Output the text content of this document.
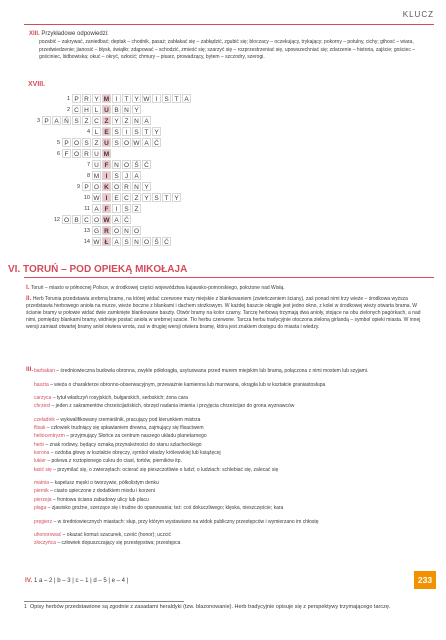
KLUCZ
XIII. Przykładowe odpowiedzi:
pozabić – zakrywać, zaniedbać; deptak – chodnik, pasaż; zabłakać się – zabłądzić, zgubić się; bloczacy – oczekujący, trykający; pokorny – potulny, cichy; gthosć – wiara, przedwiedzenie; jianosić – błysk, świątło; zdąpować – schodzić, zmieść się; szarzyć się – rozprzestrzeniać się, upowszechniać się; zdarzenie – historia, zajście; gościec – gościniec, lśdbowiska; okuć – okryć, ozłocić; chmury – pisarz, prowadzący, bytem – szczodry, szerogi.
XVIII.
1 P R Y M I	T Y W I	S T A
2 C H L U B N Y
3 P A Ń S Z C Z Y Z N A
4 L E S	I	S T Y
5 P O S Z U S O W A Ć
6 F O R U M
7 U F N O Ś Ć
8 M I	S J A
9 P O K O R N Y
10 W I	E C Z Y S T Y
11 A F	I	S Z
12 O B C O W A Ć
13 G R O N O
14 W Ł A S N O Ś Ć
VI. TORUŃ – POD OPIEKĄ MIKOŁAJA
I. Toruń – miasto w północnej Polsce, w środkowej części województwa kujawsko-pomorskiego, położone nad Wisłą.
II. Herb Torunia przedstawia srebrną bramę, na której widać czerwone mury miejskie z blankowaniem (zwieńczeniem ściany), zaś ponad nimi trzy wieże – środkowa wyższa przedstawia herbowego anioła na murze, wieże boczne z blankami i dachem stożkowym. W każdej baszcie okrągłe jest jedno okno, z kolei w środkowej wieży otwarta brama. W ścianie bramy w połowie widać dwie zamknięte blankowane baszty. Otwór bramy na kolor czarny. Tarczę herbową trzymają dwa anioły, stojące na obu zielonych pagórkach, a nad nimi, pomiędzy blankami bramy, widnieje postać anioła w srebrnej szacie. Tło herbu czerwone. Tarcza herbu tradycyjnie otoczona zieloną girlandą – symbol opieki miasta. W innej wersji zamiast otwartej bramy anioł otwiera wrota, zaś w drugiej wersji otwiera bramę, która jest znakiem dostępu do miasta i wiedzy.
III. barbakan – średniowieczna budowla obronna, zwykle półokrągła, usytuowana przed murem miejskim lub bramą, połączona z nimi mostem lub szyjami.
baszta – wieża o charakterze obronno-obserwacyjnym, przeważnie kamienna lub murowana, okrągła lub w kształcie graniastosłupa
carzyca – tytuł władczyń rosyjskich, bułgarskich, serbskich; żona cara
chrzest – jeden z sakramentów chrześcijańskich, obrzęd nadania imienia i przyjęcia chrześcijan do grona wyznawców
czeladnik – wykwalifikowany rzemieślnik, pracujący pod kierunkiem mistrza
flisak – człowiek trudniący się spławianiem drewna, zajmujący się flisactwem
heliocentryzm – przyjmujący Słońce za centrum naszego układu planetarnego
herb – znak rodowy, będący oznaką przynależności do stanu szlacheckiego
korona – ozdoba głowy w kształcie obręczy, symbol władzy królewskiej lub książęcej
lukier – polewa z roztopionego cukru do ciast, tortów, pierników itp.
łasić się – przymilać się, o zwierzętach: ocierać się pieszczotliwie o ludzi; o ludziach: schlebiać się, zalecać się
matnia – kapelusz męski o tworzywie, półkolistym denku
piernik – ciasto upieczone z dodatkiem miodu i korzeni
pierzeja – frontowa ściana zabudowy ulicy lub placu
plaga – zjawisko groźne, szerzące się i trudne do opanowania; też: coś dokuczliwego; klęska, nieszczęście; kara
pręgierz – w średniowiecznych miastach: słup, przy którym wystawiano na widok publiczny przestępców i wymierzano im chłostę
uhonorować – okazać komuś szacunek, cześć (honor); uczcić
złoczyńca – człowiek dopuszczający się przestępstwa; przestępca
IV. 1 a – 2 | b – 3 | c – 1 | d – 5 | e – 4 |
1 Opisy herbów przedstawione są zgodnie z zasadami heraldyki (tzw. blazonowanie). Herb tradycyjnie opisuje się z perspektywy trzymającego tarczę.
233
